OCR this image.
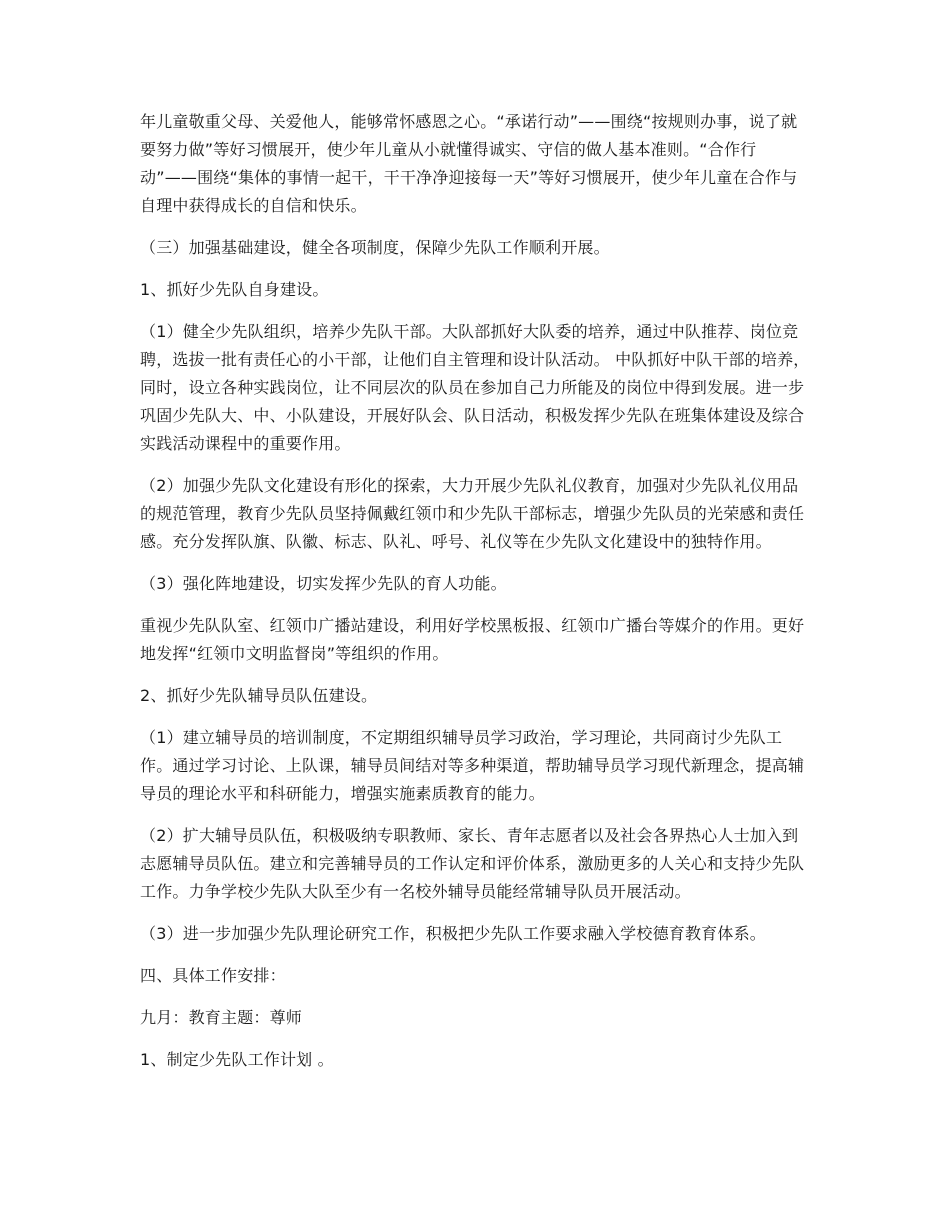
年儿童敬重父母、关爱他人，能够常怀感恩之心。“承诺行动”——围绕“按规则办事，说了就要努力做”等好习惯展开，使少年儿童从小就懂得诚实、守信的做人基本准则。“合作行动”——围绕“集体的事情一起干，干干净净迎接每一天”等好习惯展开，使少年儿童在合作与自理中获得成长的自信和快乐。

（三）加强基础建设，健全各项制度，保障少先队工作顺利开展。

1、抓好少先队自身建设。

（1）健全少先队组织，培养少先队干部。大队部抓好大队委的培养，通过中队推荐、岗位竞聘，选拔一批有责任心的小干部，让他们自主管理和设计队活动。 中队抓好中队干部的培养，同时，设立各种实践岗位，让不同层次的队员在参加自己力所能及的岗位中得到发展。进一步巩固少先队大、中、小队建设，开展好队会、队日活动，积极发挥少先队在班集体建设及综合实践活动课程中的重要作用。

（2）加强少先队文化建设有形化的探索，大力开展少先队礼仪教育，加强对少先队礼仪用品的规范管理，教育少先队员坚持佩戴红领巾和少先队干部标志，增强少先队员的光荣感和责任感。充分发挥队旗、队徽、标志、队礼、呼号、礼仪等在少先队文化建设中的独特作用。

（3）强化阵地建设，切实发挥少先队的育人功能。

重视少先队队室、红领巾广播站建设，利用好学校黑板报、红领巾广播台等媒介的作用。更好地发挥“红领巾文明监督岗”等组织的作用。

2、抓好少先队辅导员队伍建设。

（1）建立辅导员的培训制度，不定期组织辅导员学习政治，学习理论，共同商讨少先队工作。通过学习讨论、上队课，辅导员间结对等多种渠道，帮助辅导员学习现代新理念，提高辅导员的理论水平和科研能力，增强实施素质教育的能力。

（2）扩大辅导员队伍，积极吸纳专职教师、家长、青年志愿者以及社会各界热心人士加入到志愿辅导员队伍。建立和完善辅导员的工作认定和评价体系，激励更多的人关心和支持少先队工作。力争学校少先队大队至少有一名校外辅导员能经常辅导队员开展活动。

（3）进一步加强少先队理论研究工作，积极把少先队工作要求融入学校德育教育体系。

四、具体工作安排：

九月：教育主题：尊师

1、制定少先队工作计划 。
